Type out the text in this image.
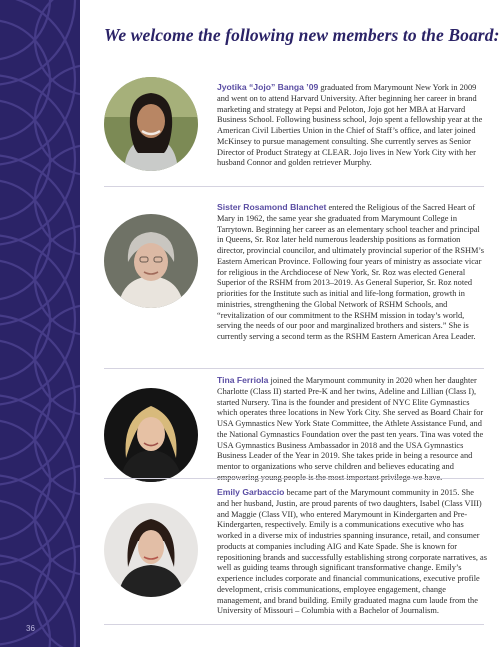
36
We welcome the following new members to the Board:
Jyotika “Jojo” Banga ’09 graduated from Marymount New York in 2009 and went on to attend Harvard University. After beginning her career in brand marketing and strategy at Pepsi and Peloton, Jojo got her MBA at Harvard Business School. Following business school, Jojo spent a fellowship year at the American Civil Liberties Union in the Chief of Staff’s office, and later joined McKinsey to pursue management consulting. She currently serves as Senior Director of Product Strategy at CLEAR. Jojo lives in New York City with her husband Connor and golden retriever Murphy.
Sister Rosamond Blanchet entered the Religious of the Sacred Heart of Mary in 1962, the same year she graduated from Marymount College in Tarrytown. Beginning her career as an elementary school teacher and principal in Queens, Sr. Roz later held numerous leadership positions as formation director, provincial councilor, and ultimately provincial superior of the RSHM’s Eastern American Province. Following four years of ministry as associate vicar for religious in the Archdiocese of New York, Sr. Roz was elected General Superior of the RSHM from 2013–2019. As General Superior, Sr. Roz noted priorities for the Institute such as initial and life-long formation, growth in ministries, strengthening the Global Network of RSHM Schools, and “revitalization of our commitment to the RSHM mission in today’s world, serving the needs of our poor and marginalized brothers and sisters.” She is currently serving a second term as the RSHM Eastern American Area Leader.
Tina Ferriola joined the Marymount community in 2020 when her daughter Charlotte (Class II) started Pre-K and her twins, Adeline and Lillian (Class I), started Nursery. Tina is the founder and president of NYC Elite Gymnastics which operates three locations in New York City. She served as Board Chair for USA Gymnastics New York State Committee, the Athlete Assistance Fund, and the National Gymnastics Foundation over the past ten years. Tina was voted the USA Gymnastics Business Ambassador in 2018 and the USA Gymnastics Business Leader of the Year in 2019. She takes pride in being a resource and mentor to organizations who serve children and believes educating and
Emily Garbaccio became part of the Marymount community in 2015. She and her husband, Justin, are proud parents of two daughters, Isabel (Class VIII) and Maggie (Class VII), who entered Marymount in Kindergarten and Pre-Kindergarten, respectively. Emily is a communications executive who has worked in a diverse mix of industries spanning insurance, retail, and consumer products at companies including AIG and Kate Spade. She is known for repositioning brands and successfully establishing strong corporate narratives, as well as guiding teams through significant transformative change. Emily’s experience includes corporate and financial communications, executive profile development, crisis communications, employee engagement, change management, and brand building. Emily graduated magna cum laude from the University of Missouri – Columbia with a Bachelor of Journalism.
